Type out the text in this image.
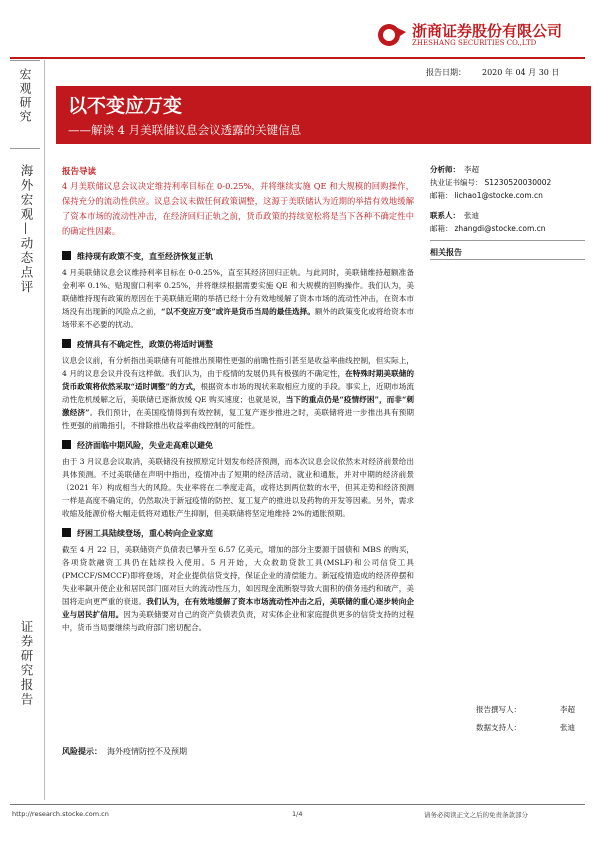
浙商证券股份有限公司
ZHESHANG SECURITIES CO.,LTD
宏观研究
海外宏观—动态点评
证券研究报告
报告日期： 2020 年 04 月 30 日
以不变应万变
——解读 4 月美联储议息会议透露的关键信息
报告导读
4 月美联储议息会议决定维持利率目标在 0-0.25%，并将继续实施 QE 和大规模的回购操作，保持充分的流动性供应。议息会议未做任何政策调整，这源于美联储认为近期的举措有效地缓解了资本市场的流动性冲击，在经济回归正轨之前，货币政策的持续宽松将是当下各种不确定性中的确定性因素。
分析师： 李超
执业证书编号： S1230520030002
邮箱： lichao1@stocke.com.cn
联系人： 张迪
邮箱： zhangdi@stocke.com.cn
相关报告
维持现有政策不变，直至经济恢复正轨
4 月美联储议息会议维持利率目标在 0-0.25%，直至其经济回归正轨。与此同时，美联储维持超额准备金利率 0.1%、贴现窗口利率 0.25%，并将继续根据需要实施 QE 和大规模的回购操作。我们认为，美联储维持现有政策的原因在于美联储近期的举措已经十分有效地缓解了资本市场的流动性冲击，在资本市场没有出现新的风险点之前，“以不变应万变”或许是货币当局的最佳选择。额外的政策变化或将给资本市场带来不必要的扰动。
疫情具有不确定性，政策仍将适时调整
议息会议前，有分析指出美联储有可能推出预期性更强的前瞻性指引甚至是收益率曲线控制，但实际上，4 月的议息会议并没有这样做。我们认为，由于疫情的发展仍具有极强的不确定性，在特殊时期美联储的货币政策将依然采取“适时调整”的方式，根据资本市场的现状来取相应力度的手段。事实上，近期市场流动性危机缓解之后，美联储已逐渐放缓 QE 购买速度；也就是说，当下的重点仍是“疫情纾困”，而非“刺激经济”。我们预计，在美国疫情得到有效控制，复工复产逐步推进之时，美联储将进一步推出具有预期性更强的前瞻指引，不排除推出收益率曲线控制的可能性。
经济面临中期风险，失业走高难以避免
由于 3 月议息会议取消，美联储没有按照原定计划发布经济预测，而本次议息会议依然未对经济前景给出具体预测。不过美联储在声明中指出，疫情冲击了短期的经济活动、就业和通胀，并对中期的经济前景（2021 年）构成相当大的风险。失业率将在二季度走高，或将达到两位数的水平，但其走势和经济预测一样是高度不确定的，仍然取决于新冠疫情的防控、复工复产的推进以及药物的开发等因素。另外，需求收缩及能源价格大幅走低将对通胀产生抑制，但美联储将坚定地维持 2%的通胀预期。
纾困工具陆续登场，重心转向企业家庭
截至 4 月 22 日，美联储资产负债表已攀升至 6.57 亿美元，增加的部分主要源于国债和 MBS 的购买，各项贷款融资工具仍在陆续投入使用。5 月开始，大众救助贷款工具(MSLF)和公司信贷工具(PMCCF/SMCCF)即将登场，对企业提供信贷支持，保证企业的清偿能力。新冠疫情造成的经济停摆和失业率飙升使企业和居民部门面对巨大的流动性压力，如因现金流断裂导致大面积的债务违约和破产，美国将走向更严重的衰退。我们认为，在有效地缓解了资本市场流动性冲击之后，美联储的重心逐步转向企业与居民扩信用。因为美联储要对自己的资产负债表负责，对实体企业和家庭提供更多的信贷支持的过程中，货币当局要继续与政府部门密切配合。
风险提示： 海外疫情防控不及预期
报告撰写人：	李超
数据支持人：	张迪
http://research.stocke.com.cn	1/4	请务必阅读正文之后的免责条款部分
